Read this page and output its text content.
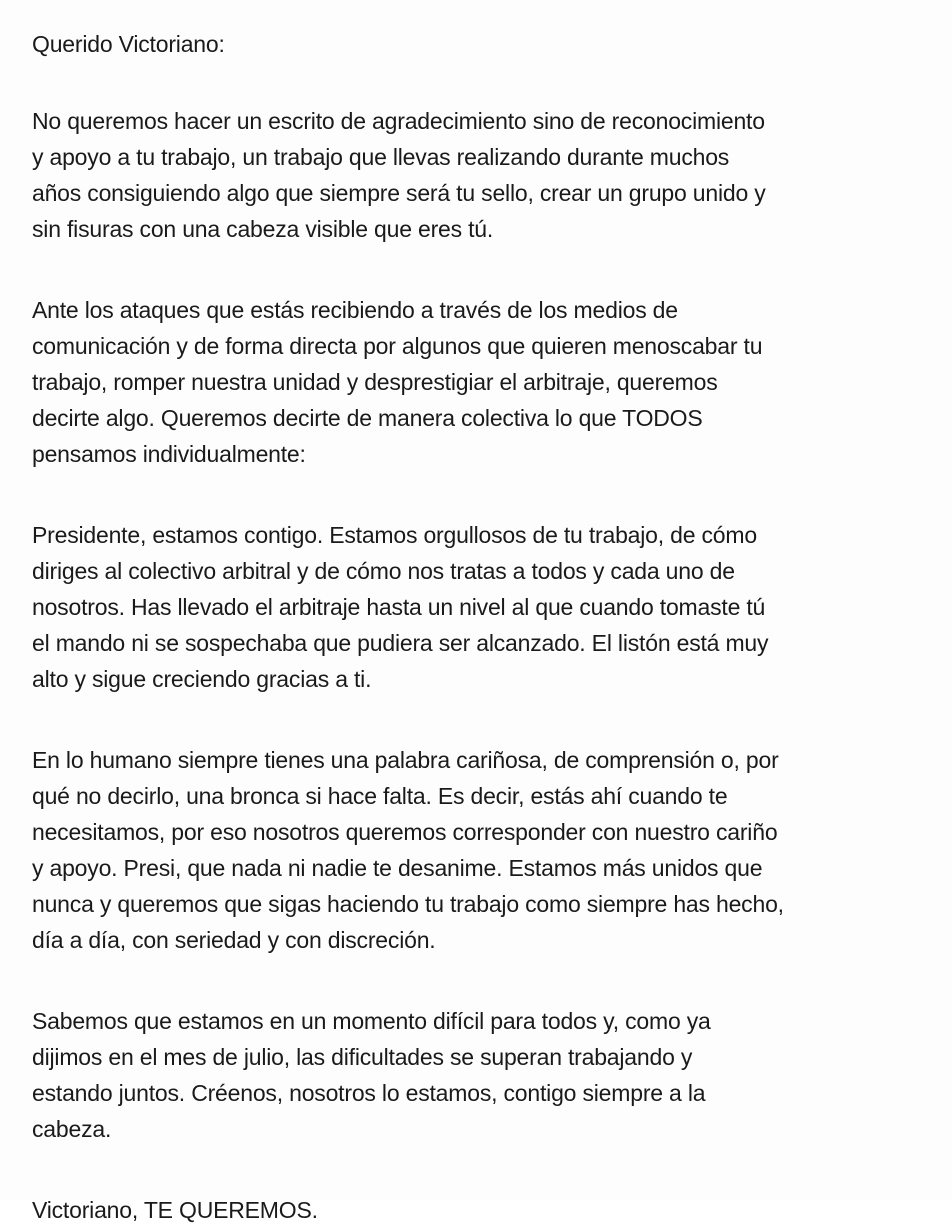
Querido Victoriano:

No queremos hacer un escrito de agradecimiento sino de reconocimiento
y apoyo a tu trabajo, un trabajo que llevas realizando durante muchos
años consiguiendo algo que siempre será tu sello, crear un grupo unido y
sin fisuras con una cabeza visible que eres tú.

Ante los ataques que estás recibiendo a través de los medios de
comunicación y de forma directa por algunos que quieren menoscabar tu
trabajo, romper nuestra unidad y desprestigiar el arbitraje, queremos
decirte algo. Queremos decirte de manera colectiva lo que TODOS
pensamos individualmente:

Presidente, estamos contigo. Estamos orgullosos de tu trabajo, de cómo
diriges al colectivo arbitral y de cómo nos tratas a todos y cada uno de
nosotros. Has llevado el arbitraje hasta un nivel al que cuando tomaste tú
el mando ni se sospechaba que pudiera ser alcanzado. El listón está muy
alto y sigue creciendo gracias a ti.

En lo humano siempre tienes una palabra cariñosa, de comprensión o, por
qué no decirlo, una bronca si hace falta. Es decir, estás ahí cuando te
necesitamos, por eso nosotros queremos corresponder con nuestro cariño
y apoyo. Presi, que nada ni nadie te desanime. Estamos más unidos que
nunca y queremos que sigas haciendo tu trabajo como siempre has hecho,
día a día, con seriedad y con discreción.

Sabemos que estamos en un momento difícil para todos y, como ya
dijimos en el mes de julio, las dificultades se superan trabajando y
estando juntos. Créenos, nosotros lo estamos, contigo siempre a la
cabeza.

Victoriano, TE QUEREMOS.
